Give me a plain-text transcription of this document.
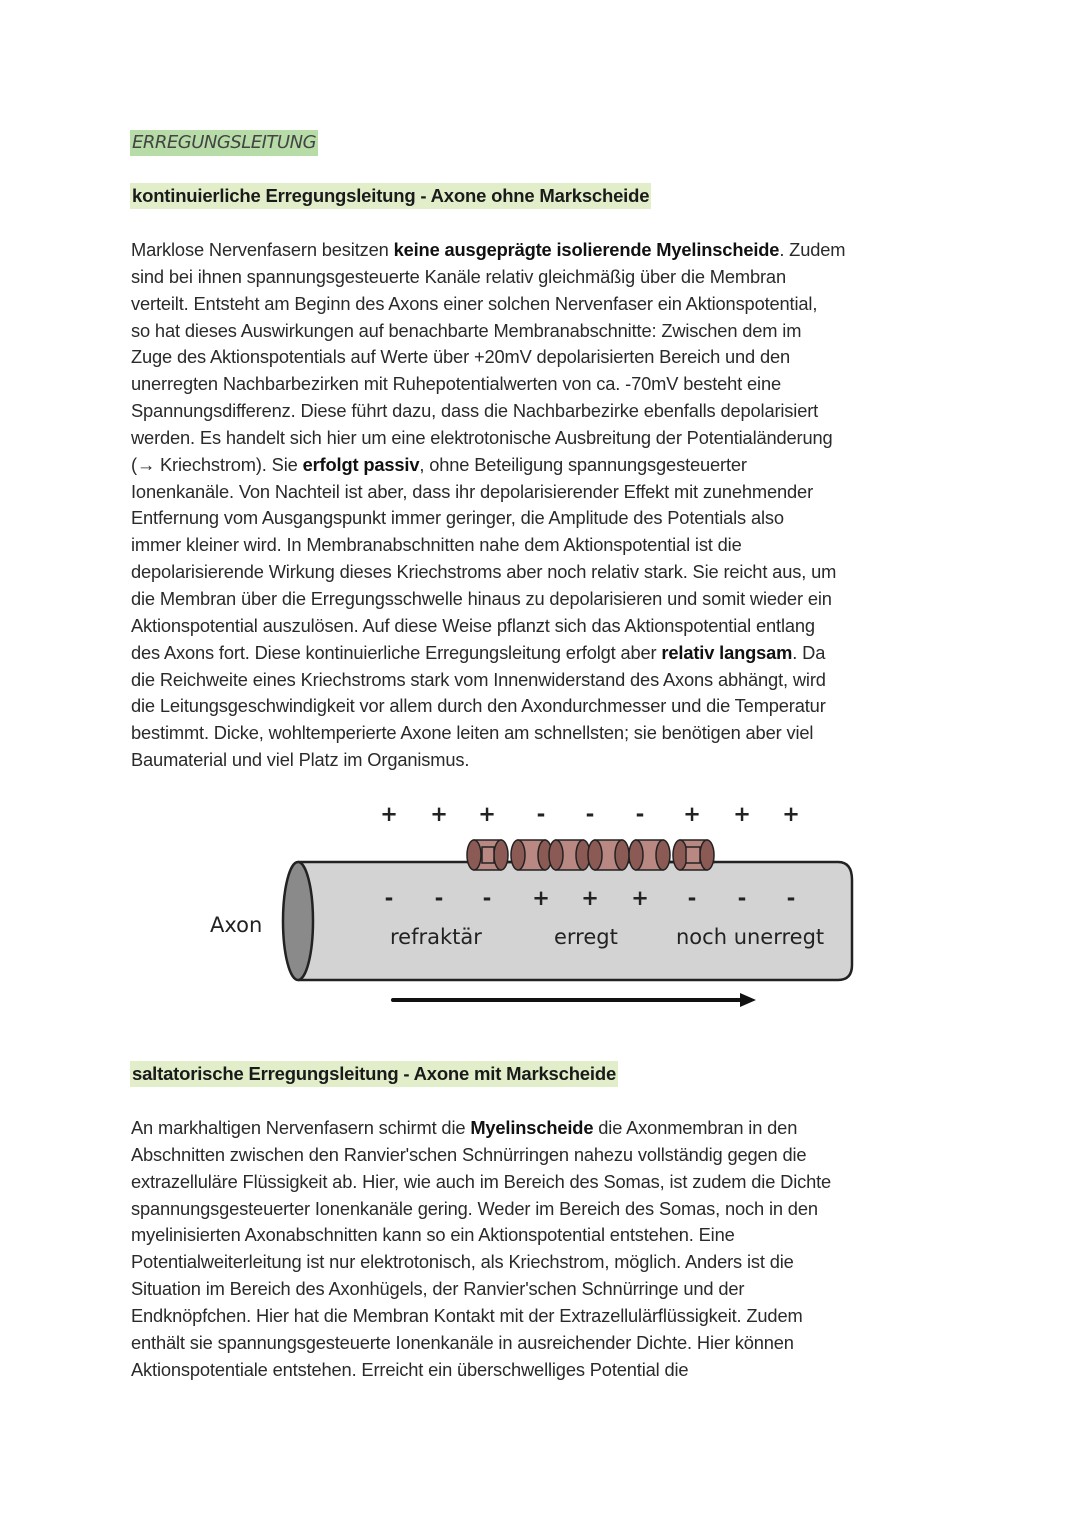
ERREGUNGSLEITUNG
kontinuierliche Erregungsleitung - Axone ohne Markscheide
Marklose Nervenfasern besitzen keine ausgeprägte isolierende Myelinscheide. Zudem
sind bei ihnen spannungsgesteuerte Kanäle relativ gleichmäßig über die Membran
verteilt. Entsteht am Beginn des Axons einer solchen Nervenfaser ein Aktionspotential,
so hat dieses Auswirkungen auf benachbarte Membranabschnitte: Zwischen dem im
Zuge des Aktionspotentials auf Werte über +20mV depolarisierten Bereich und den
unerregten Nachbarbezirken mit Ruhepotentialwerten von ca. -70mV besteht eine
Spannungsdifferenz. Diese führt dazu, dass die Nachbarbezirke ebenfalls depolarisiert
werden. Es handelt sich hier um eine elektrotonische Ausbreitung der Potentialänderung
(→ Kriechstrom). Sie erfolgt passiv, ohne Beteiligung spannungsgesteuerter
Ionenkanäle. Von Nachteil ist aber, dass ihr depolarisierender Effekt mit zunehmender
Entfernung vom Ausgangspunkt immer geringer, die Amplitude des Potentials also
immer kleiner wird. In Membranabschnitten nahe dem Aktionspotential ist die
depolarisierende Wirkung dieses Kriechstroms aber noch relativ stark. Sie reicht aus, um
die Membran über die Erregungsschwelle hinaus zu depolarisieren und somit wieder ein
Aktionspotential auszulösen. Auf diese Weise pflanzt sich das Aktionspotential entlang
des Axons fort. Diese kontinuierliche Erregungsleitung erfolgt aber relativ langsam. Da
die Reichweite eines Kriechstroms stark vom Innenwiderstand des Axons abhängt, wird
die Leitungsgeschwindigkeit vor allem durch den Axondurchmesser und die Temperatur
bestimmt. Dicke, wohltemperierte Axone leiten am schnellsten; sie benötigen aber viel
Baumaterial und viel Platz im Organismus.
+ + + - - - + + +
- - - + + + - - -
Axon	refraktär	erregt	noch unerregt
saltatorische Erregungsleitung - Axone mit Markscheide
An markhaltigen Nervenfasern schirmt die Myelinscheide die Axonmembran in den
Abschnitten zwischen den Ranvier'schen Schnürringen nahezu vollständig gegen die
extrazelluläre Flüssigkeit ab. Hier, wie auch im Bereich des Somas, ist zudem die Dichte
spannungsgesteuerter Ionenkanäle gering. Weder im Bereich des Somas, noch in den
myelinisierten Axonabschnitten kann so ein Aktionspotential entstehen. Eine
Potentialweiterleitung ist nur elektrotonisch, als Kriechstrom, möglich. Anders ist die
Situation im Bereich des Axonhügels, der Ranvier'schen Schnürringe und der
Endknöpfchen. Hier hat die Membran Kontakt mit der Extrazellulärflüssigkeit. Zudem
enthält sie spannungsgesteuerte Ionenkanäle in ausreichender Dichte. Hier können
Aktionspotentiale entstehen. Erreicht ein überschwelliges Potential die
